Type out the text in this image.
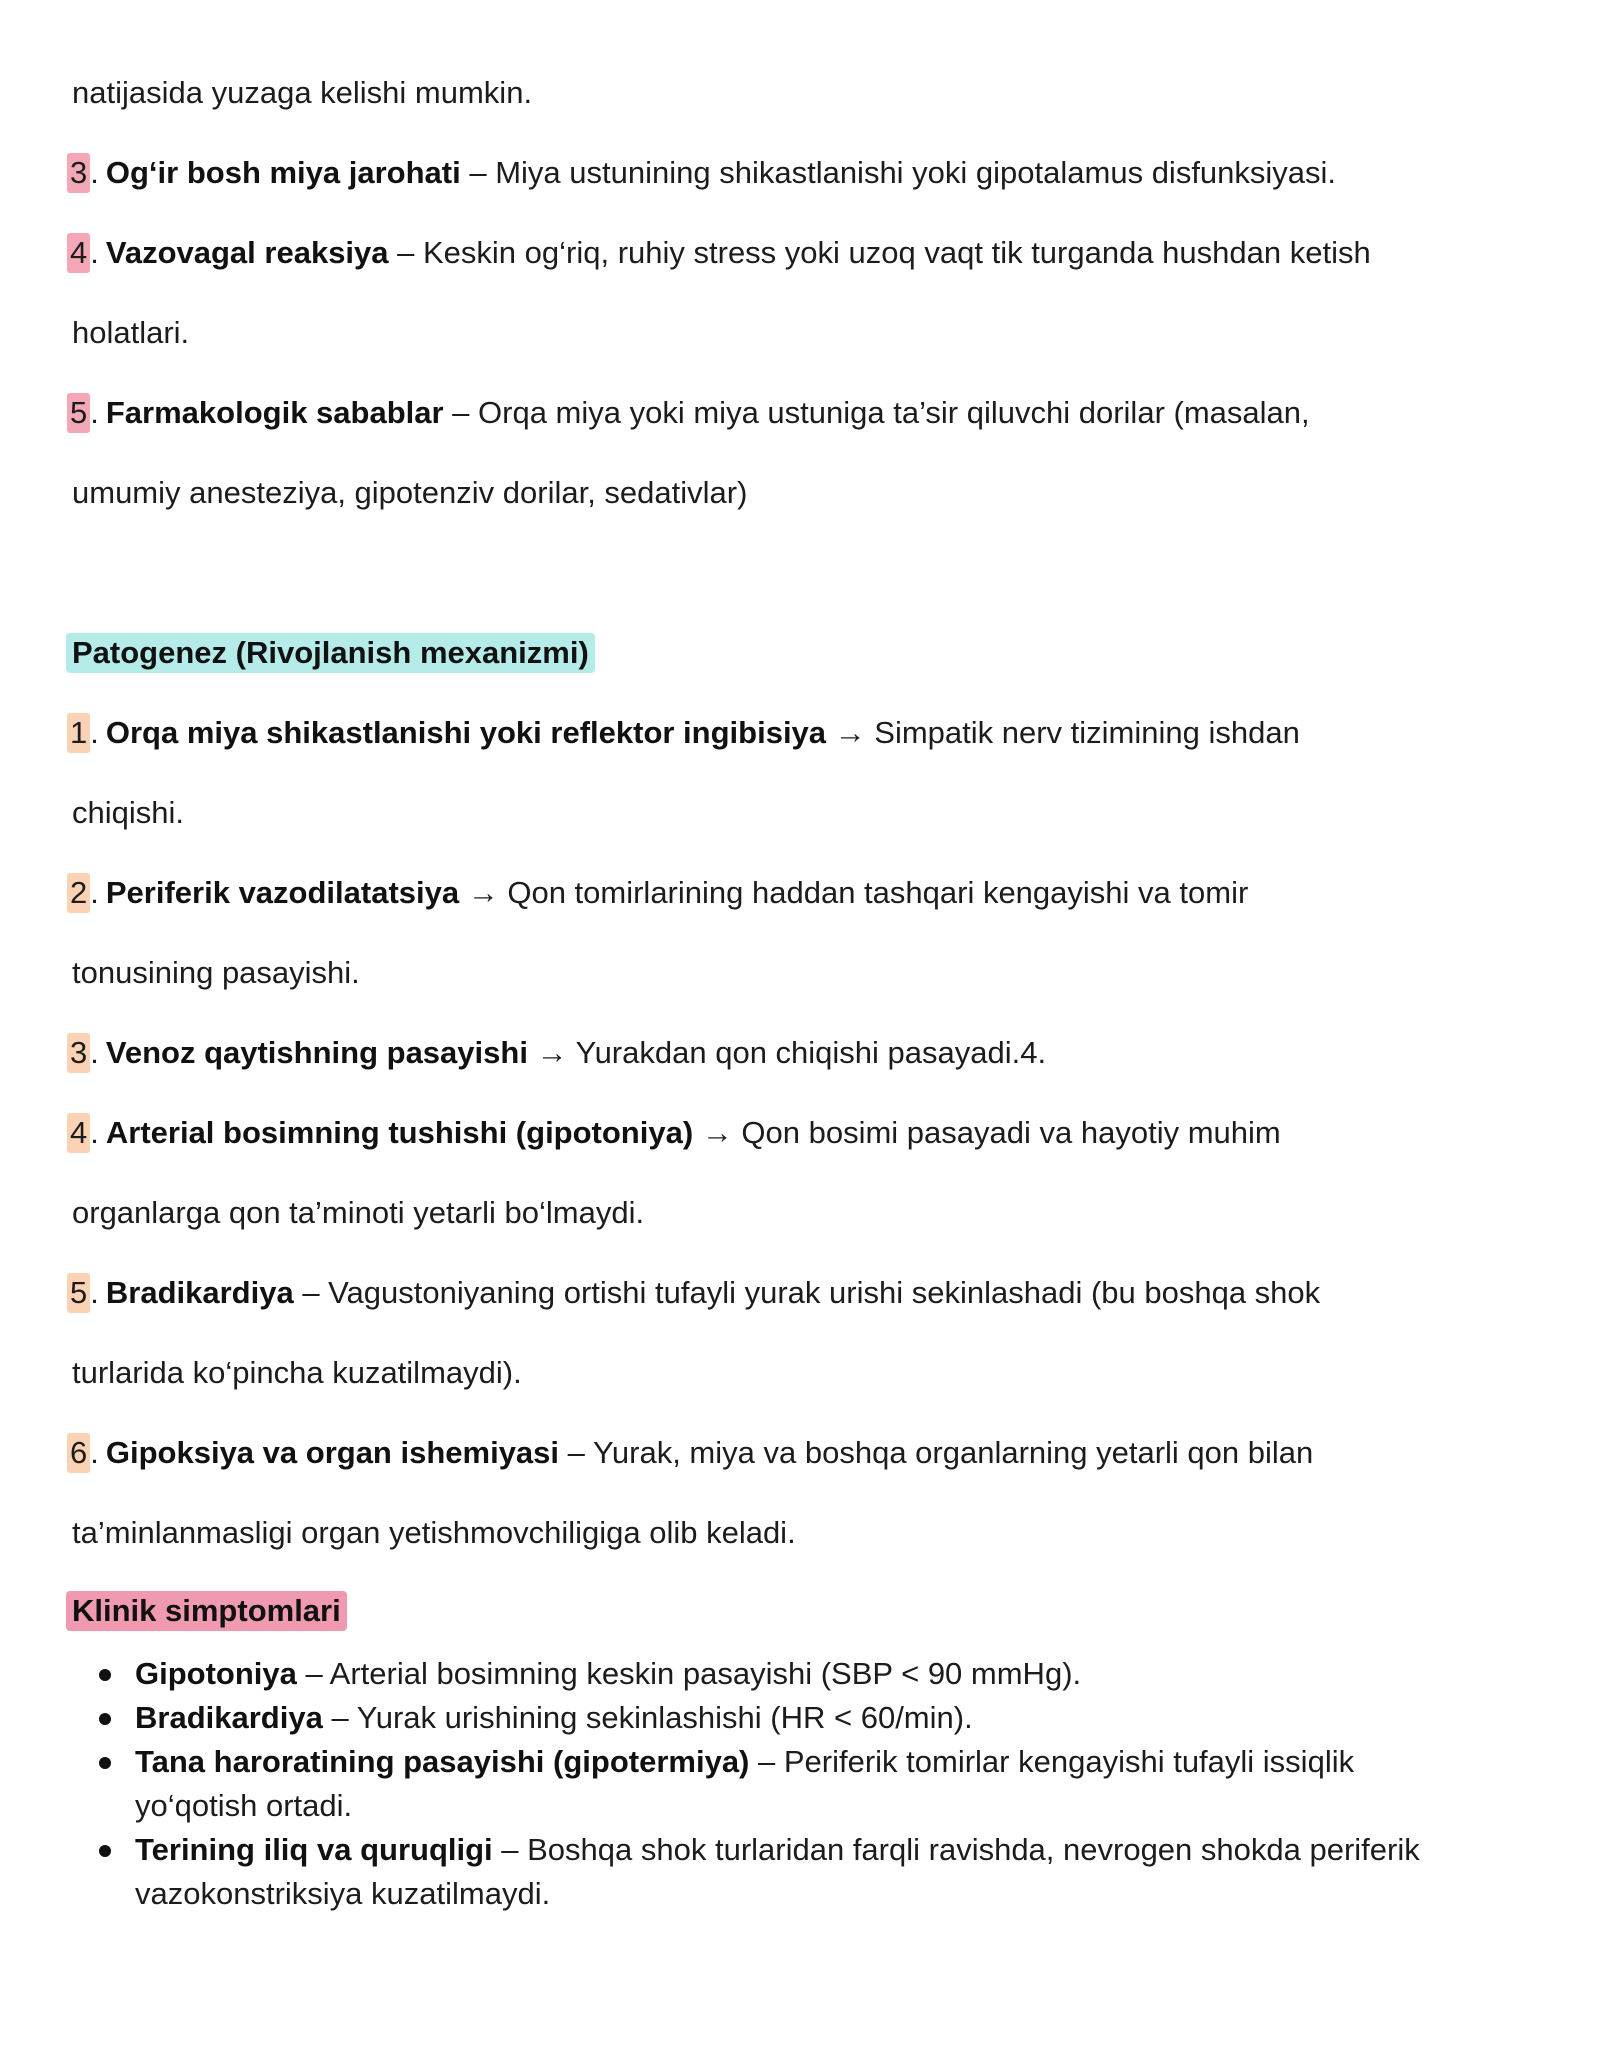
natijasida yuzaga kelishi mumkin.
3. Og‘ir bosh miya jarohati – Miya ustunining shikastlanishi yoki gipotalamus disfunksiyasi.
4. Vazovagal reaksiya – Keskin og‘riq, ruhiy stress yoki uzoq vaqt tik turganda hushdan ketish
holatlari.
5. Farmakologik sabablar – Orqa miya yoki miya ustuniga ta’sir qiluvchi dorilar (masalan,
umumiy anesteziya, gipotenziv dorilar, sedativlar)
Patogenez (Rivojlanish mexanizmi)
1. Orqa miya shikastlanishi yoki reflektor ingibisiya → Simpatik nerv tizimining ishdan
chiqishi.
2. Periferik vazodilatatsiya → Qon tomirlarining haddan tashqari kengayishi va tomir
tonusining pasayishi.
3. Venoz qaytishning pasayishi → Yurakdan qon chiqishi pasayadi.4.
4. Arterial bosimning tushishi (gipotoniya) → Qon bosimi pasayadi va hayotiy muhim
organlarga qon ta’minoti yetarli bo‘lmaydi.
5. Bradikardiya – Vagustoniyaning ortishi tufayli yurak urishi sekinlashadi (bu boshqa shok
turlarida ko‘pincha kuzatilmaydi).
6. Gipoksiya va organ ishemiyasi – Yurak, miya va boshqa organlarning yetarli qon bilan
ta’minlanmasligi organ yetishmovchiligiga olib keladi.
Klinik simptomlari
Gipotoniya – Arterial bosimning keskin pasayishi (SBP < 90 mmHg).
Bradikardiya – Yurak urishining sekinlashishi (HR < 60/min).
Tana haroratining pasayishi (gipotermiya) – Periferik tomirlar kengayishi tufayli issiqlik
yo‘qotish ortadi.
Terining iliq va quruqligi – Boshqa shok turlaridan farqli ravishda, nevrogen shokda periferik
vazokonstriksiya kuzatilmaydi.
